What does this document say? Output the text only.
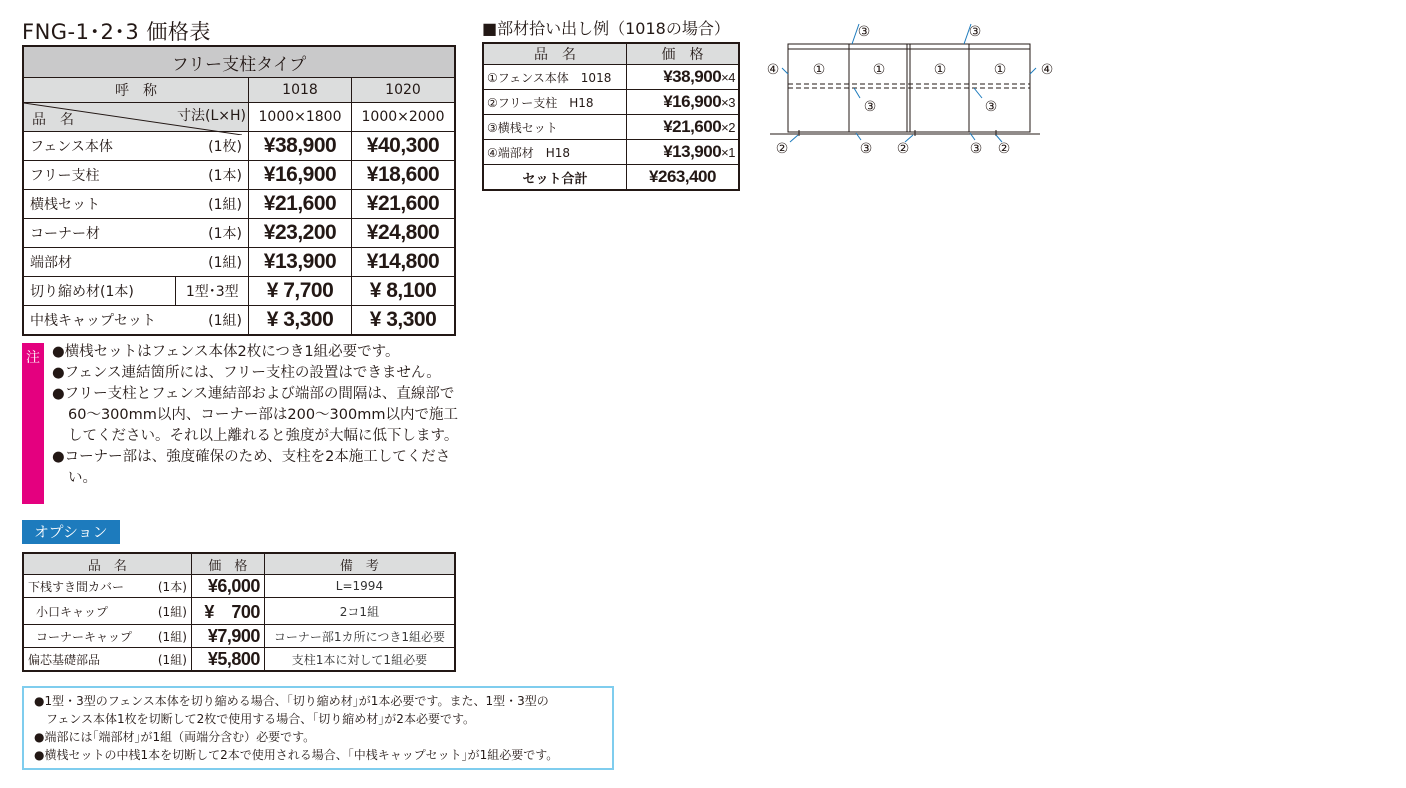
FNG-1･2･3 価格表
フリー支柱タイプ			
呼　称		1018	1020

寸法(L×H)
品　名		1000×1800	1000×2000
フェンス本体	(1枚)	¥38,900	¥40,300
フリー支柱	(1本)	¥16,900	¥18,600
横桟セット	(1組)	¥21,600	¥21,600
コーナー材	(1本)	¥23,200	¥24,800
端部材	(1組)	¥13,900	¥14,800
切り縮め材(1本)	1型･3型	¥ 7,700	¥ 8,100
中桟キャップセット	(1組)	¥ 3,300	¥ 3,300
注 ●横桟セットはフェンス本体2枚につき1組必要です。
●フェンス連結箇所には、フリー支柱の設置はできません。
●フリー支柱とフェンス連結部および端部の間隔は、直線部で60～300mm以内、コーナー部は200～300mm以内で施工してください。それ以上離れると強度が大幅に低下します。
●コーナー部は、強度確保のため、支柱を2本施工してください。
オプション
品　名		価　格	備　考
下桟すき間カバー	(1本)	¥6,000	L=1994
小口キャップ	(1組)	¥　700	2コ1組
コーナーキャップ	(1組)	¥7,900	コーナー部1カ所につき1組必要
偏芯基礎部品	(1組)	¥5,800	支柱1本に対して1組必要
■部材拾い出し例（1018の場合）
品　名	価　格
①フェンス本体　1018	¥38,900×4
②フリー支柱　H18	¥16,900×3
③横桟セット	¥21,600×2
④端部材　H18	¥13,900×1
セット合計	¥263,400
③	③
④	④
①	①	①	①
③	③
②	③ ②	③ ②
●1型・3型のフェンス本体を切り縮める場合、｢切り縮め材｣が1本必要です。また、1型・3型の
　フェンス本体1枚を切断して2枚で使用する場合、｢切り縮め材｣が2本必要です。
●端部には｢端部材｣が1組（両端分含む）必要です。
●横桟セットの中桟1本を切断して2本で使用される場合、｢中桟キャップセット｣が1組必要です。
